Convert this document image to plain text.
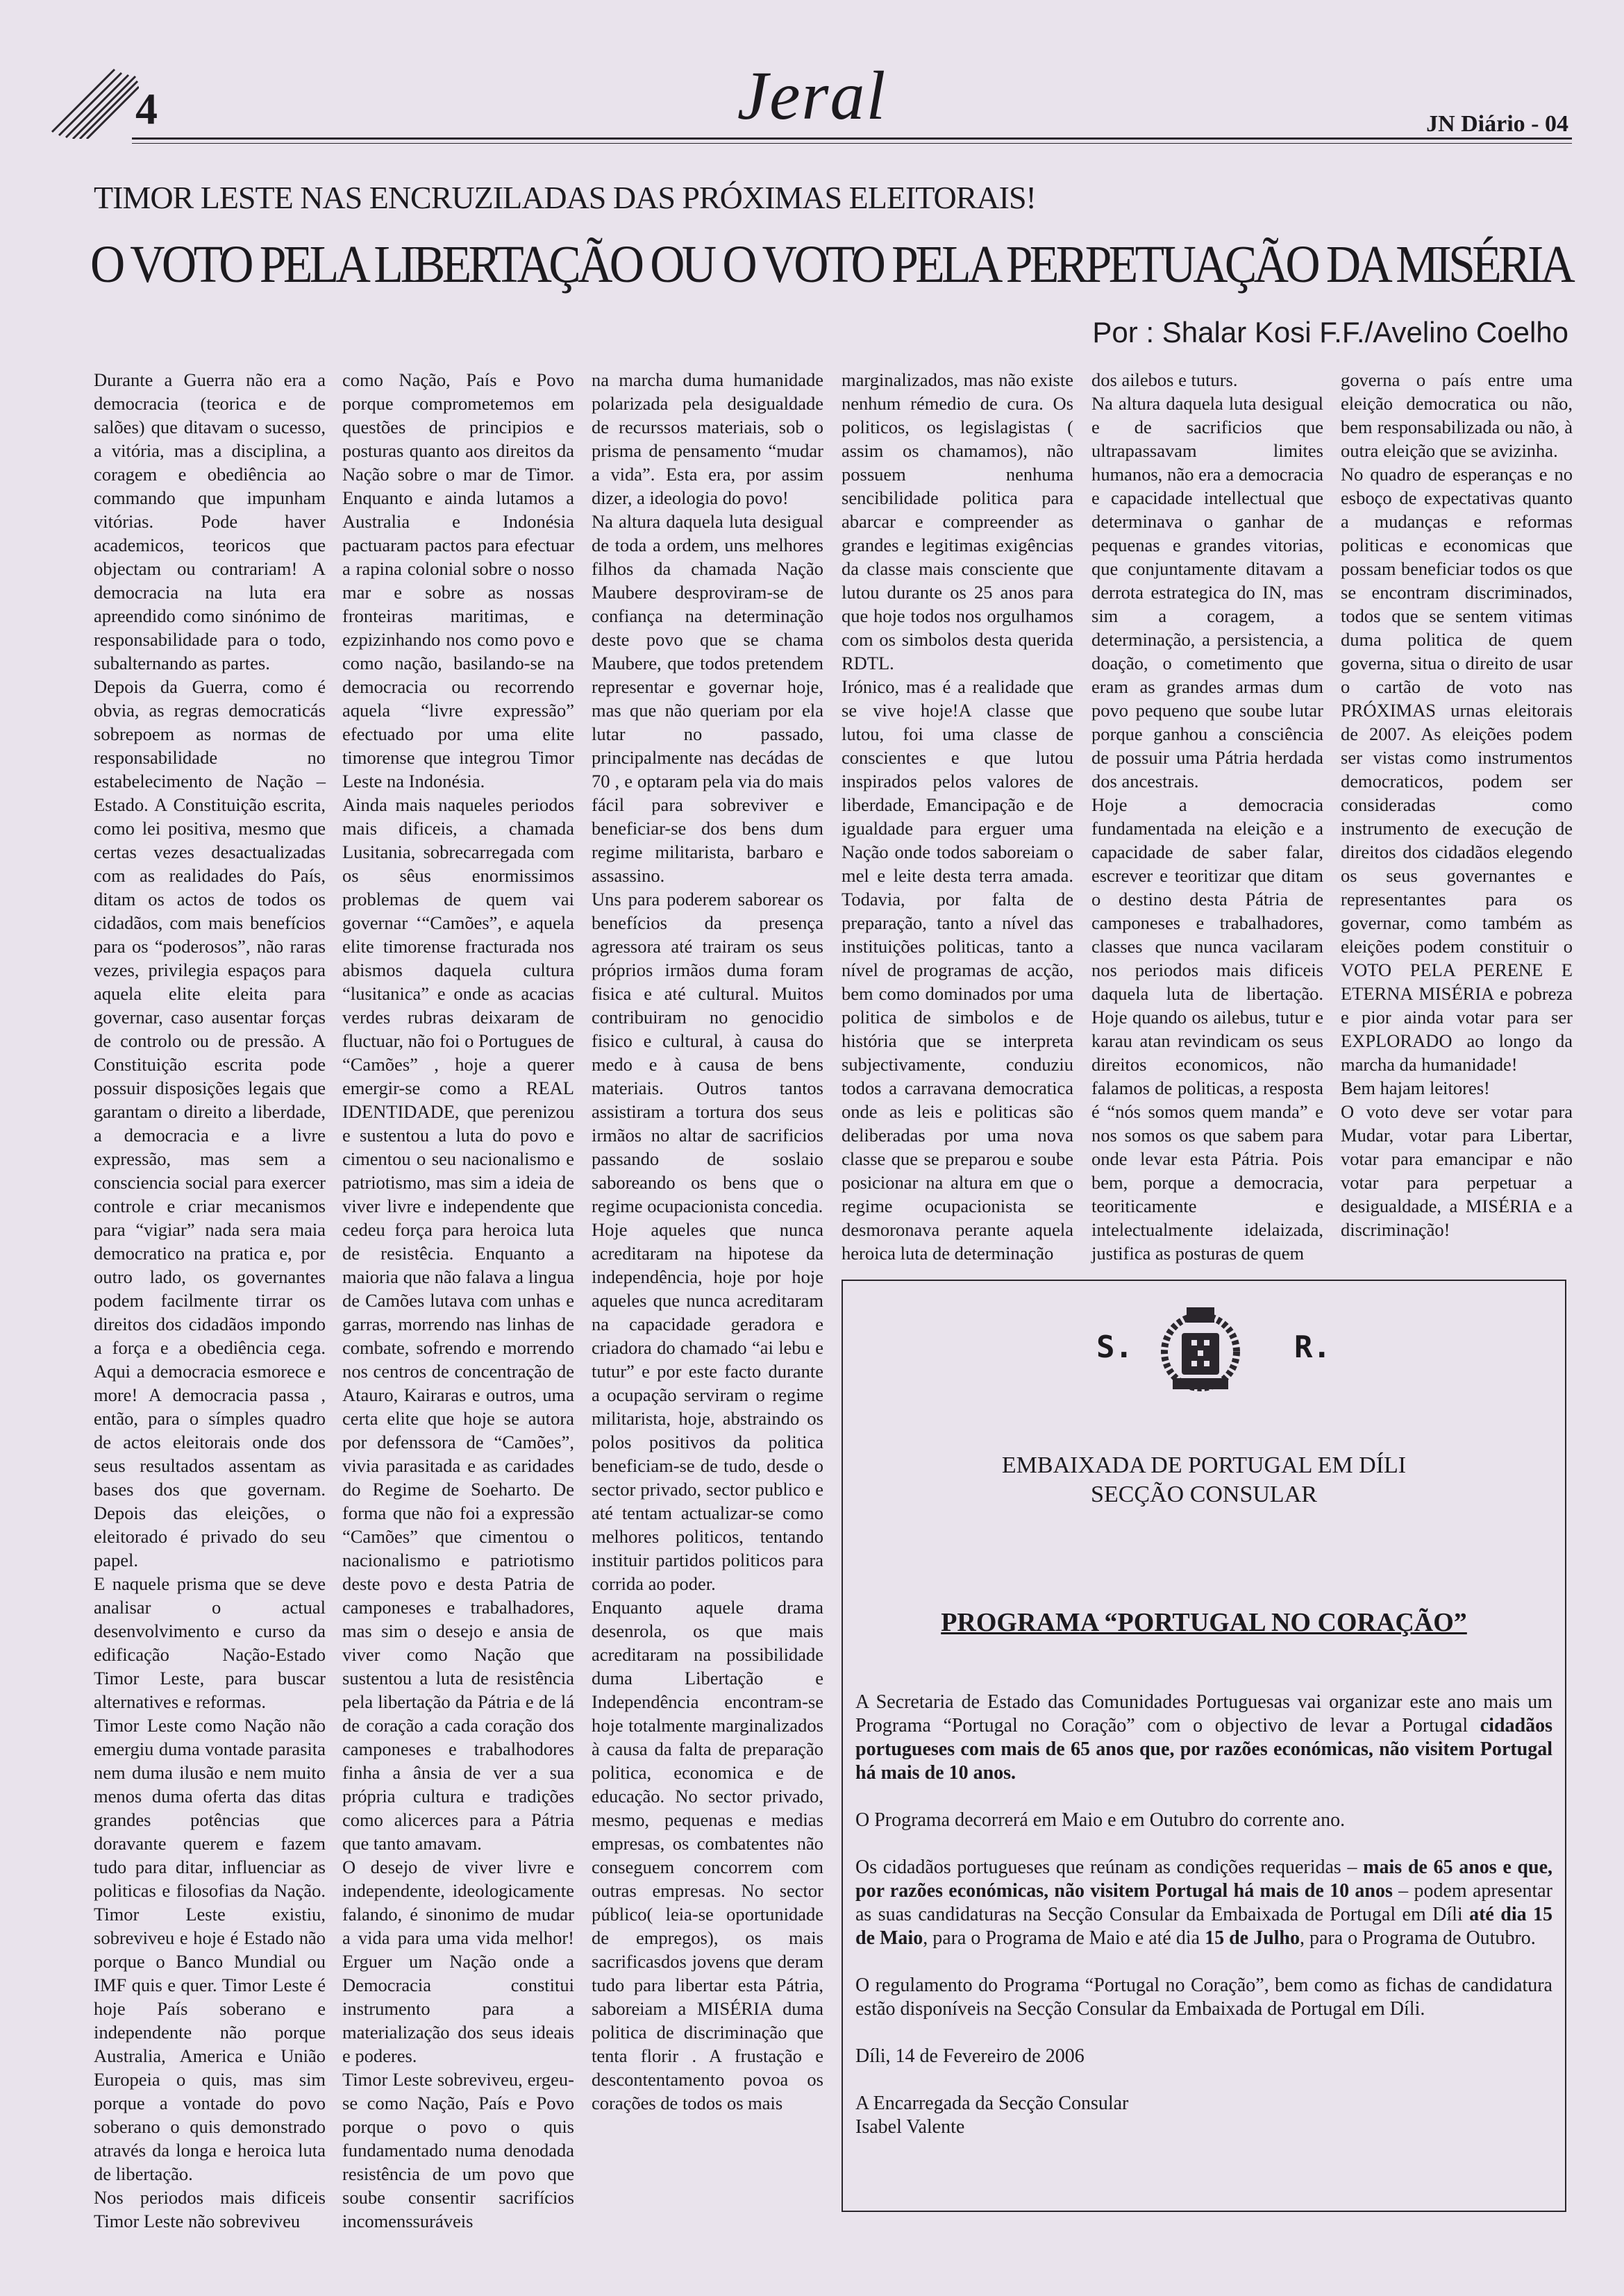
4	Jeral	JN Diário - 04
TIMOR LESTE NAS ENCRUZILADAS DAS PRÓXIMAS ELEITORAIS!
O VOTO PELA LIBERTAÇÃO OU O VOTO PELA PERPETUAÇÃO DA MISÉRIA
Por : Shalar Kosi F.F./Avelino Coelho

Durante a Guerra não era a democracia (teorica e de salões) que ditavam o sucesso, a vitória, mas a disciplina, a coragem e obediência ao commando que impunham vitórias. Pode haver academicos, teoricos que objectam ou contrariam! A democracia na luta era apreendido como sinónimo de responsabilidade para o todo, subalternando as partes.

Depois da Guerra, como é obvia, as regras democraticás sobrepoem as normas de responsabilidade no estabelecimento de Nação – Estado. A Constituição escrita, como lei positiva, mesmo que certas vezes desactualizadas com as realidades do País, ditam os actos de todos os cidadãos, com mais benefícios para os “poderosos”, não raras vezes, privilegia espaços para aquela elite eleita para governar, caso ausentar forças de controlo ou de pressão. A Constituição escrita pode possuir disposições legais que garantam o direito a liberdade, a democracia e a livre expressão, mas sem a consciencia social para exercer controle e criar mecanismos para “vigiar” nada sera maia democratico na pratica e, por outro lado, os governantes podem facilmente tirrar os direitos dos cidadãos impondo a força e a obediência cega. Aqui a democracia esmorece e more! A democracia passa , então, para o símples quadro de actos eleitorais onde dos seus resultados assentam as bases dos que governam. Depois das eleições, o eleitorado é privado do seu papel.

E naquele prisma que se deve analisar o actual desenvolvimento e curso da edificação Nação-Estado Timor Leste, para buscar alternatives e reformas.

Timor Leste como Nação não emergiu duma vontade parasita nem duma ilusão e nem muito menos duma oferta das ditas grandes potências que doravante querem e fazem tudo para ditar, influenciar as politicas e filosofias da Nação. Timor Leste existiu, sobreviveu e hoje é Estado não porque o Banco Mundial ou IMF quis e quer. Timor Leste é hoje País soberano e independente não porque Australia, America e União Europeia o quis, mas sim porque a vontade do povo soberano o quis demonstrado através da longa e heroica luta de libertação.

Nos periodos mais dificeis Timor Leste não sobreviveu

como Nação, País e Povo porque comprometemos em questões de principios e posturas quanto aos direitos da Nação sobre o mar de Timor. Enquanto e ainda lutamos a Australia e Indonésia pactuaram pactos para efectuar a rapina colonial sobre o nosso mar e sobre as nossas fronteiras maritimas, e ezpizinhando nos como povo e como nação, basilando-se na democracia ou recorrendo aquela “livre expressão” efectuado por uma elite timorense que integrou Timor Leste na Indonésia.

Ainda mais naqueles periodos mais dificeis, a chamada Lusitania, sobrecarregada com os sêus enormissimos problemas de quem vai governar ‘“Camões”, e aquela elite timorense fracturada nos abismos daquela cultura “lusitanica” e onde as acacias verdes rubras deixaram de fluctuar, não foi o Portugues de “Camões” , hoje a querer emergir-se como a REAL IDENTIDADE, que perenizou e sustentou a luta do povo e cimentou o seu nacionalismo e patriotismo, mas sim a ideia de viver livre e independente que cedeu força para heroica luta de resistêcia. Enquanto a maioria que não falava a lingua de Camões lutava com unhas e garras, morrendo nas linhas de combate, sofrendo e morrendo nos centros de concentração de Atauro, Kairaras e outros, uma certa elite que hoje se autora por defenssora de “Camões”, vivia parasitada e as caridades do Regime de Soeharto. De forma que não foi a expressão “Camões” que cimentou o nacionalismo e patriotismo deste povo e desta Patria de camponeses e trabalhadores, mas sim o desejo e ansia de viver como Nação que sustentou a luta de resistência pela libertação da Pátria e de lá de coração a cada coração dos camponeses e trabalhodores finha a ânsia de ver a sua própria cultura e tradições como alicerces para a Pátria que tanto amavam.

O desejo de viver livre e independente, ideologicamente falando, é sinonimo de mudar a vida para uma vida melhor! Erguer um Nação onde a Democracia constitui instrumento para a materialização dos seus ideais e poderes.

Timor Leste sobreviveu, ergeu-se como Nação, País e Povo porque o povo o quis fundamentado numa denodada resistência de um povo que soube consentir sacrifícios incomenssuráveis

na marcha duma humanidade polarizada pela desigualdade de recurssos materiais, sob o prisma de pensamento “mudar a vida”. Esta era, por assim dizer, a ideologia do povo!

Na altura daquela luta desigual de toda a ordem, uns melhores filhos da chamada Nação Maubere desproviram-se de confiança na determinação deste povo que se chama Maubere, que todos pretendem representar e governar hoje, mas que não queriam por ela lutar no passado, principalmente nas decádas de 70 , e optaram pela via do mais fácil para sobreviver e beneficiar-se dos bens dum regime militarista, barbaro e assassino.

Uns para poderem saborear os benefícios da presença agressora até trairam os seus próprios irmãos duma foram fisica e até cultural. Muitos contribuiram no genocidio fisico e cultural, à causa do medo e à causa de bens materiais. Outros tantos assistiram a tortura dos seus irmãos no altar de sacrificios passando de soslaio saboreando os bens que o regime ocupacionista concedia.

Hoje aqueles que nunca acreditaram na hipotese da independência, hoje por hoje aqueles que nunca acreditaram na capacidade geradora e criadora do chamado “ai lebu e tutur” e por este facto durante a ocupação serviram o regime militarista, hoje, abstraindo os polos positivos da politica beneficiam-se de tudo, desde o sector privado, sector publico e até tentam actualizar-se como melhores politicos, tentando instituir partidos politicos para corrida ao poder.

Enquanto aquele drama desenrola, os que mais acreditaram na possibilidade duma Libertação e Independência encontram-se hoje totalmente marginalizados à causa da falta de preparação politica, economica e de educação. No sector privado, mesmo, pequenas e medias empresas, os combatentes não conseguem concorrem com outras empresas. No sector público( leia-se oportunidade de empregos), os mais sacrificasdos jovens que deram tudo para libertar esta Pátria, saboreiam a MISÉRIA duma politica de discriminação que tenta florir . A frustação e descontentamento povoa os corações de todos os mais

marginalizados, mas não existe nenhum rémedio de cura. Os politicos, os legislagistas ( assim os chamamos), não possuem nenhuma sencibilidade politica para abarcar e compreender as grandes e legitimas exigências da classe mais consciente que lutou durante os 25 anos para que hoje todos nos orgulhamos com os simbolos desta querida RDTL.

Irónico, mas é a realidade que se vive hoje!A classe que lutou, foi uma classe de conscientes e que lutou inspirados pelos valores de liberdade, Emancipação e de igualdade para erguer uma Nação onde todos saboreiam o mel e leite desta terra amada. Todavia, por falta de preparação, tanto a nível das instituições politicas, tanto a nível de programas de acção, bem como dominados por uma politica de simbolos e de história que se interpreta subjectivamente, conduziu todos a carravana democratica onde as leis e politicas são deliberadas por uma nova classe que se preparou e soube posicionar na altura em que o regime ocupacionista se desmoronava perante aquela heroica luta de determinação

dos ailebos e tuturs.

Na altura daquela luta desigual e de sacrificios que ultrapassavam limites humanos, não era a democracia e capacidade intellectual que determinava o ganhar de pequenas e grandes vitorias, que conjuntamente ditavam a derrota estrategica do IN, mas sim a coragem, a determinação, a persistencia, a doação, o cometimento que eram as grandes armas dum povo pequeno que soube lutar porque ganhou a consciência de possuir uma Pátria herdada dos ancestrais.

Hoje a democracia fundamentada na eleição e a capacidade de saber falar, escrever e teoritizar que ditam o destino desta Pátria de camponeses e trabalhadores, classes que nunca vacilaram nos periodos mais dificeis daquela luta de libertação. Hoje quando os ailebus, tutur e karau atan revindicam os seus direitos economicos, não falamos de politicas, a resposta é “nós somos quem manda” e nos somos os que sabem para onde levar esta Pátria. Pois bem, porque a democracia, teoriticamente e intelectualmente idelaizada, justifica as posturas de quem

governa o país entre uma eleição democratica ou não, bem responsabilizada ou não, à outra eleição que se avizinha.

No quadro de esperanças e no esboço de expectativas quanto a mudanças e reformas politicas e economicas que possam beneficiar todos os que se encontram discriminados, todos que se sentem vitimas duma politica de quem governa, situa o direito de usar o cartão de voto nas PRÓXIMAS urnas eleitorais de 2007. As eleições podem ser vistas como instrumentos democraticos, podem ser consideradas como instrumento de execução de direitos dos cidadãos elegendo os seus governantes e representantes para os governar, como também as eleições podem constituir o VOTO PELA PERENE E ETERNA MISÉRIA e pobreza e pior ainda votar para ser EXPLORADO ao longo da marcha da humanidade!

Bem hajam leitores!

O voto deve ser votar para Mudar, votar para Libertar, votar para emancipar e não votar para perpetuar a desigualdade, a MISÉRIA e a discriminação!

S.	R.
EMBAIXADA DE PORTUGAL EM DÍLI
SECÇÃO CONSULAR
PROGRAMA “PORTUGAL NO CORAÇÃO”

A Secretaria de Estado das Comunidades Portuguesas vai organizar este ano mais um Programa “Portugal no Coração” com o objectivo de levar a Portugal cidadãos portugueses com mais de 65 anos que, por razões económicas, não visitem Portugal há mais de 10 anos.

O Programa decorrerá em Maio e em Outubro do corrente ano.

Os cidadãos portugueses que reúnam as condições requeridas – mais de 65 anos e que, por razões económicas, não visitem Portugal há mais de 10 anos – podem apresentar as suas candidaturas na Secção Consular da Embaixada de Portugal em Díli até dia 15 de Maio, para o Programa de Maio e até dia 15 de Julho, para o Programa de Outubro.

O regulamento do Programa “Portugal no Coração”, bem como as fichas de candidatura estão disponíveis na Secção Consular da Embaixada de Portugal em Díli.

Díli, 14 de Fevereiro de 2006

A Encarregada da Secção Consular

Isabel Valente
